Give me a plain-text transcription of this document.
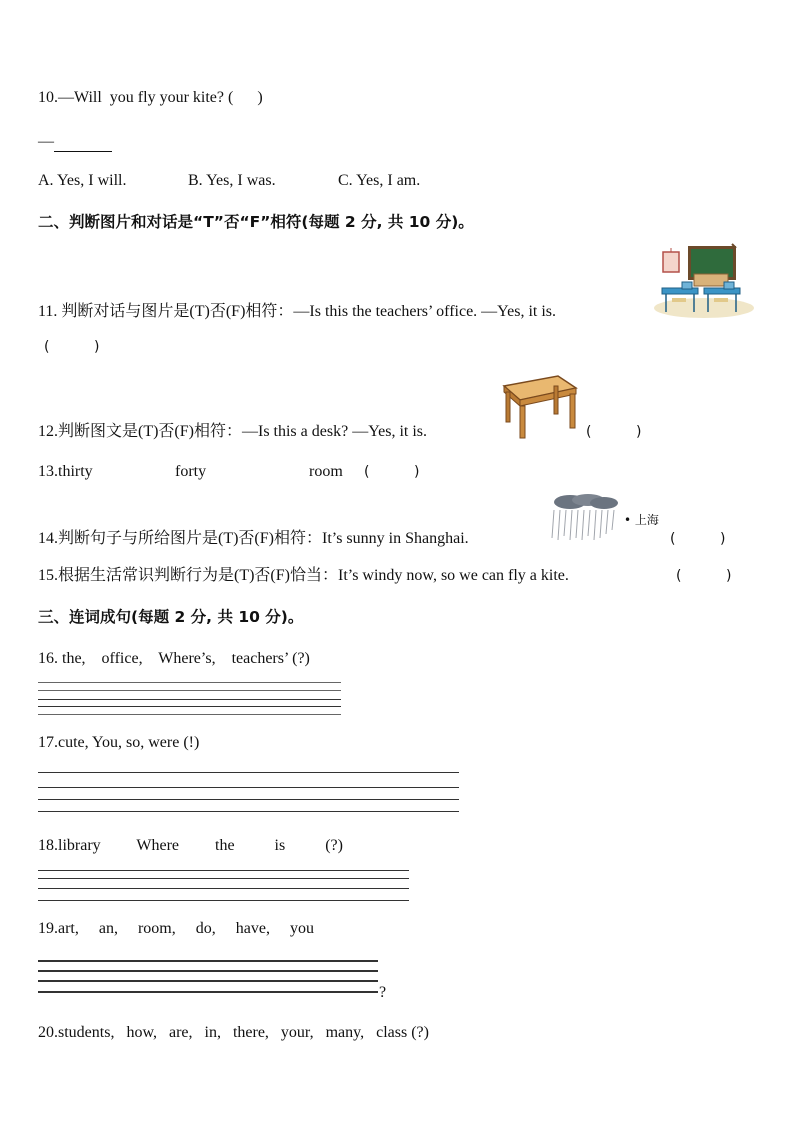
10.—Will  you fly your kite? (      )
—
A. Yes, I will.	B. Yes, I was.	C. Yes, I am.
二、判断图片和对话是“T”否“F”相符(每题 2 分, 共 10 分)。
11. 判断对话与图片是(T)否(F)相符：—Is this the teachers’ office. —Yes, it is.
(          )
12.判断图文是(T)否(F)相符：—Is this a desk? —Yes, it is.	(          )
13.thirty	forty	room (          )
• 上海
14.判断句子与所给图片是(T)否(F)相符：It’s sunny in Shanghai.	(          )
15.根据生活常识判断行为是(T)否(F)恰当：It’s windy now, so we can fly a kite.	(          )
三、连词成句(每题 2 分, 共 10 分)。
16. the,    office,    Where’s,    teachers’ (?)
17.cute, You, so, were (!)
18.library         Where         the          is          (?)
19.art,     an,     room,     do,     have,     you
?
20.students,   how,   are,   in,   there,   your,   many,   class (?)
